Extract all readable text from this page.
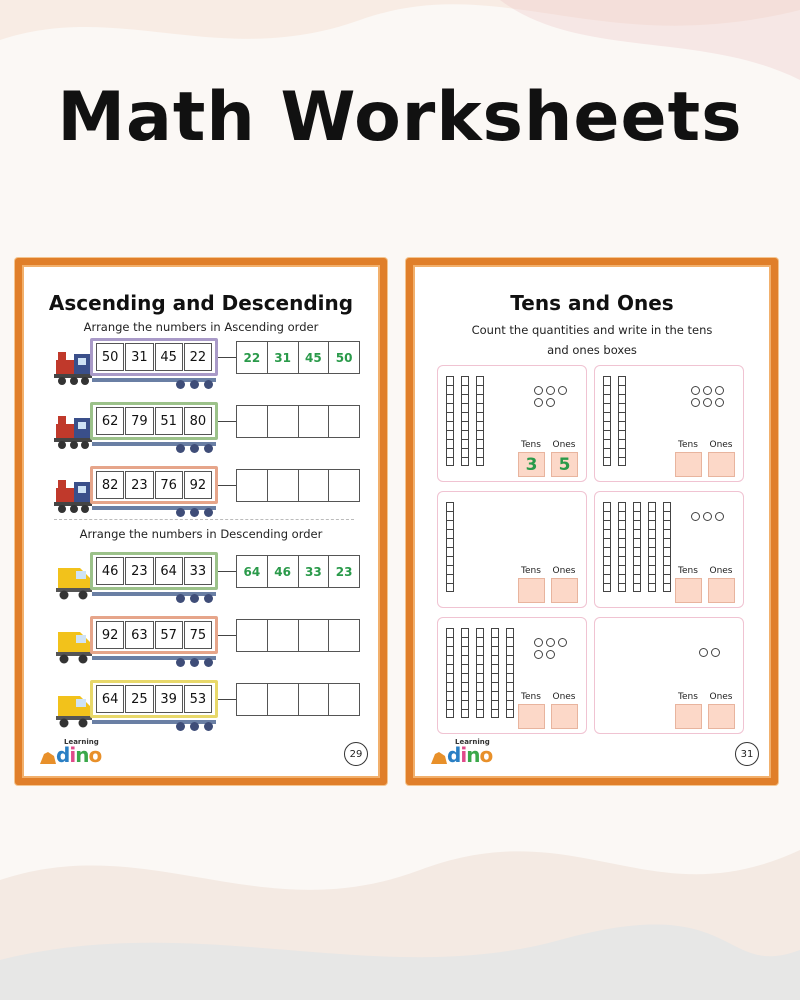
Math Worksheets
Ascending and Descending
Arrange the numbers in Ascending order
50 31 45 22	22	31	45	50
62 79 51 80
82 23 76 92
Arrange the numbers in Descending order
46 23 64 33	64	46	33	23
92 63 57 75
64 25 39 53
Learning
dino	29
Tens and Ones
Count the quantities and write in the tens
and ones boxes
Tens	Ones
3	5
Tens	Ones
Tens	Ones	Tens	Ones
Tens	Ones	Tens	Ones
Learning
dino	31
